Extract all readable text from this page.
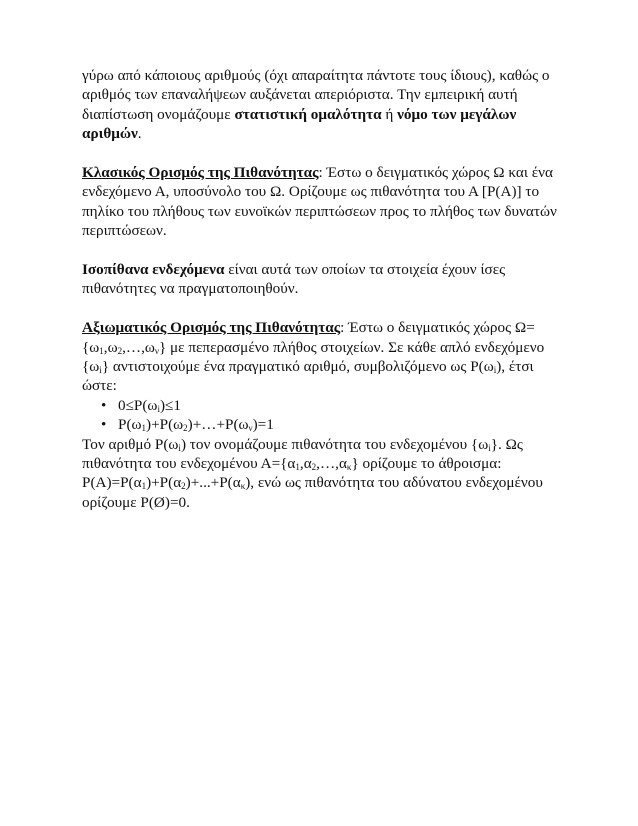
γύρω από κάποιους αριθμούς (όχι απαραίτητα πάντοτε τους ίδιους), καθώς ο αριθμός των επαναλήψεων αυξάνεται απεριόριστα. Την εμπειρική αυτή διαπίστωση ονομάζουμε στατιστική ομαλότητα ή νόμο των μεγάλων αριθμών.

Κλασικός Ορισμός της Πιθανότητας: Έστω ο δειγματικός χώρος Ω και ένα ενδεχόμενο Α, υποσύνολο του Ω. Ορίζουμε ως πιθανότητα του Α [P(A)] το πηλίκο του πλήθους των ευνοϊκών περιπτώσεων προς το πλήθος των δυνατών περιπτώσεων.

Ισοπίθανα ενδεχόμενα είναι αυτά των οποίων τα στοιχεία έχουν ίσες πιθανότητες να πραγματοποιηθούν.

Αξιωματικός Ορισμός της Πιθανότητας: Έστω ο δειγματικός χώρος $\Omega=\{\omega_1,\omega_2,\dots,\omega_\nu\}$ με πεπερασμένο πλήθος στοιχείων. Σε κάθε απλό ενδεχόμενο $\{\omega_i\}$ αντιστοιχούμε ένα πραγματικό αριθμό, συμβολιζόμενο ως $P(\omega_i)$, έτσι ώστε:

• $0\le P(\omega_i)\le 1$
• $P(\omega_1)+P(\omega_2)+\dots+P(\omega_\nu)=1$

Τον αριθμό $P(\omega_i)$ τον ονομάζουμε πιθανότητα του ενδεχομένου $\{\omega_i\}$. Ως πιθανότητα του ενδεχομένου $A=\{\alpha_1,\alpha_2,\dots,\alpha_\kappa\}$ ορίζουμε το άθροισμα: $P(A)=P(\alpha_1)+P(\alpha_2)+...+P(\alpha_\kappa)$, ενώ ως πιθανότητα του αδύνατου ενδεχομένου ορίζουμε P(Ø)=0.
